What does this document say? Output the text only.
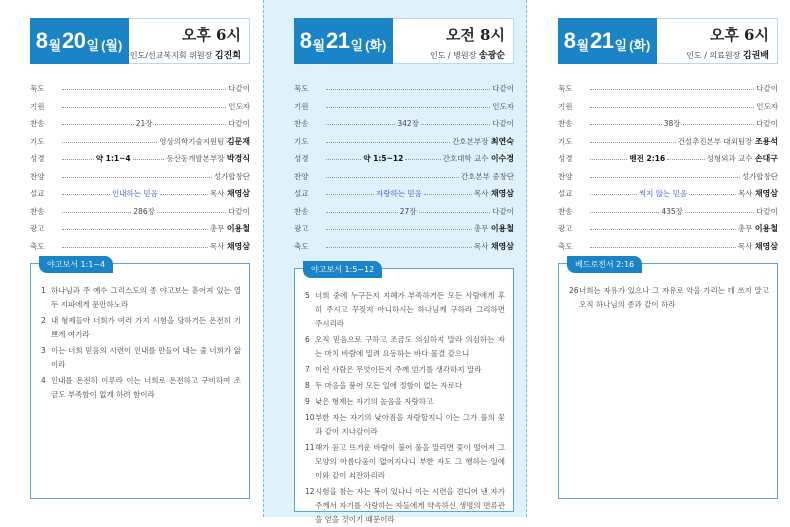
8 월 20 일 (월)
오후 6시
인도/선교복지회 위원장 김진희
묵도	다같이
기원	인도자
찬송	21장	다같이
기도	영상의학기술지원팀 김문재
성경	약 1:1~4	동산동개발본부장 박경식
찬양	성가합창단
설교	인내하는 믿음	목사 채영삼
찬송	286장	다같이
광고	총무 이용철
축도	목사 채영삼
야고보서 1:1~4
1 하나님과 주 예수 그리스도의 종 야고보는 흩어져 있는 열두 지파에게 문안하노라
2 내 형제들아 너희가 여러 가지 시험을 당하거든 온전히 기쁘게 여기라
3 이는 너희 믿음의 시련이 인내를 만들어 내는 줄 너희가 앎이라
4 인내를 온전히 이루라 이는 너희로 온전하고 구비하여 조금도 부족함이 없게 하려 함이라
8 월 21 일 (화)
오전 8시
인도 / 병원장 송광순
묵도	다같이
기원	인도자
찬송	342장	다같이
기도	간호본부장 최연숙
성경	약 1:5~12	간호대학 교수 이수경
찬양	간호본부 중창단
설교	자랑하는 믿음	목사 채영삼
찬송	27장	다같이
광고	총무 이용철
축도	목사 채영삼
야고보서 1:5~12
5 너희 중에 누구든지 지혜가 부족하거든 모든 사람에게 후히 주시고 꾸짖지 아니하시는 하나님께 구하라 그리하면 주시리라
6 오직 믿음으로 구하고 조금도 의심하지 말라 의심하는 자는 마치 바람에 밀려 요동하는 바다 물결 같으니
7 이런 사람은 무엇이든지 주께 얻기를 생각하지 말라
8 두 마음을 품어 모든 일에 정함이 없는 자로다
9 낮은 형제는 자기의 높음을 자랑하고
10 부한 자는 자기의 낮아짐을 자랑할지니 이는 그가 풀의 꽃과 같이 지나감이라
11 해가 돋고 뜨거운 바람이 불어 풀을 말리면 꽃이 떨어져 그 모양의 아름다움이 없어지나니 부한 자도 그 행하는 일에 이와 같이 쇠잔하리라
12 시험을 참는 자는 복이 있나니 이는 시련을 견디어 낸 자가 주께서 자기를 사랑하는 자들에게 약속하신 생명의 면류관을 얻을 것이기 때문이라
8 월 21 일 (화)
오후 6시
인도 / 의료원장 김권배
묵도	다같이
기원	인도자
찬송	38장	다같이
기도	건설추진본부 대외팀장 조용석
성경	벧전 2:16	성형외과 교수 손대구
찬양	성가합창단
설교	썩지 않는 믿음	목사 채영삼
찬송	435장	다같이
광고	총무 이용철
축도	목사 채영삼
베드로전서 2:16
26 너희는 자유가 있으나 그 자유로 악을 가리는 데 쓰지 말고 오직 하나님의 종과 같이 하라
